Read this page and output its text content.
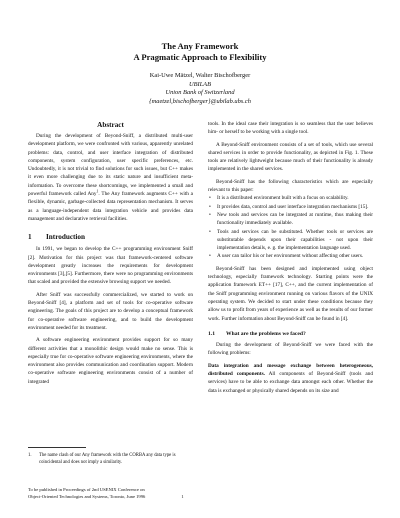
The Any Framework
A Pragmatic Approach to Flexibility
Kai-Uwe Mätzel, Walter Bischofberger
UBILAB
Union Bank of Switzerland
{maetzel,bischofberger}@ubilab.ubs.ch
Abstract

During the development of Beyond-Sniff, a distributed multi-user development platform, we were confronted with various, apparently unrelated problems: data, control, and user interface integration of distributed components, system configuration, user specific preferences, etc. Undoubtedly, it is not trivial to find solutions for such issues, but C++ makes it even more challenging due to its static nature and insufficient meta-information. To overcome these shortcomings, we implemented a small and powerful framework called Any$^1$. The Any framework augments C++ with a flexible, dynamic, garbage-collected data representation mechanism. It serves as a language-independent data integration vehicle and provides data management and declarative retrieval facilities.

1 Introduction

In 1991, we began to develop the C++ programming environment Sniff [2]. Motivation for this project was that framework-centered software development greatly increases the requirements for development environments [3],[5]. Furthermore, there were no programming environments that scaled and provided the extensive browsing support we needed.

After Sniff was successfully commercialized, we started to work on Beyond-Sniff [4], a platform and set of tools for co-operative software engineering. The goals of this project are to develop a conceptual framework for co-operative software engineering, and to build the development environment needed for its treatment.

A software engineering environment provides support for so many different activities that a monolithic design would make no sense. This is especially true for co-operative software engineering environments, where the environment also provides communication and coordination support. Modern co-operative software engineering environments consist of a number of integrated

tools. In the ideal case their integration is so seamless that the user believes him- or herself to be working with a single tool.

A Beyond-Sniff environment consists of a set of tools, which use several shared services in order to provide functionality, as depicted in Fig. 1. These tools are relatively lightweight because much of their functionality is already implemented in the shared services.

Beyond-Sniff has the following characteristics which are especially relevant to this paper:

• It is a distributed environment built with a focus on scalability.
• It provides data, control and user interface integration mechanisms [15].
• New tools and services can be integrated at runtime, thus making their functionality immediately available.
• Tools and services can be substituted. Whether tools or services are substitutable depends upon their capabilities - not upon their implementation details, e. g. the implementation language used.
• A user can tailor his or her environment without affecting other users.

Beyond-Sniff has been designed and implemented using object technology, especially framework technology. Starting points were the application framework ET++ [17], C++, and the current implementation of the Sniff programming environment running on various flavors of the UNIX operating system. We decided to start under these conditions because they allow us to profit from years of experience as well as the results of our former work. Further information about Beyond-Sniff can be found in [4].

1.1 What are the problems we faced?

During the development of Beyond-Sniff we were faced with the following problems:

Data integration and message exchange between heterogeneous, distributed components. All components of Beyond-Sniff (tools and services) have to be able to exchange data amongst each other. Whether the data is exchanged or physically shared depends on its size and

1. The name clash of our Any framework with the CORBA any data type is coincidental and does not imply a similarity.
To be published in Proceedings of 2nd USENIX Conference on
Object-Oriented Technologies and Systems, Toronto, June 1996	1
